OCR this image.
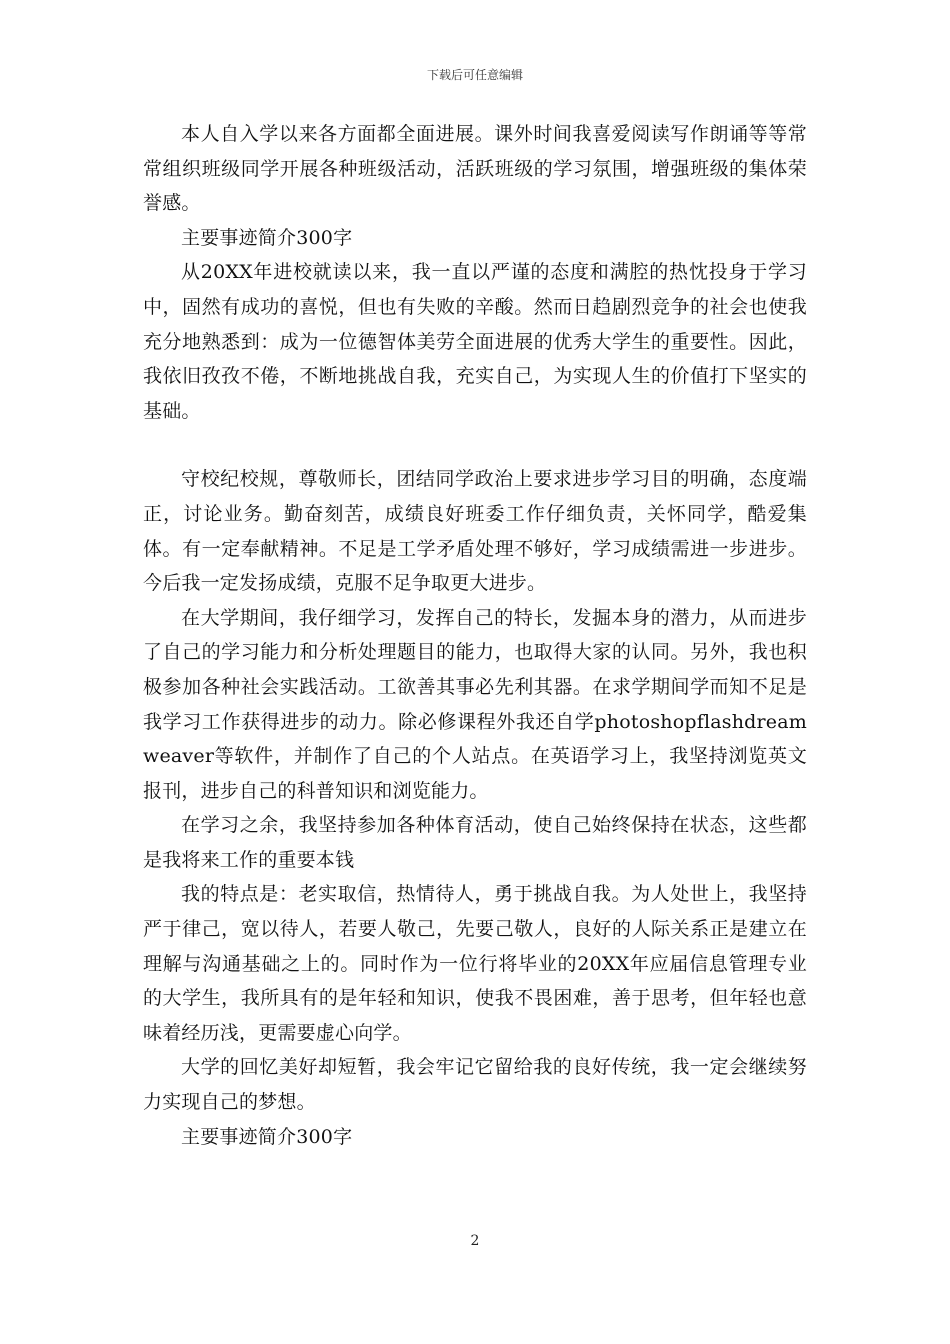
下载后可任意编辑

本人自入学以来各方面都全面进展。课外时间我喜爱阅读写作朗诵等等常常组织班级同学开展各种班级活动，活跃班级的学习氛围，增强班级的集体荣誉感。

主要事迹简介300字

从20XX年进校就读以来，我一直以严谨的态度和满腔的热忱投身于学习中，固然有成功的喜悦，但也有失败的辛酸。然而日趋剧烈竞争的社会也使我充分地熟悉到：成为一位德智体美劳全面进展的优秀大学生的重要性。因此，我依旧孜孜不倦，不断地挑战自我，充实自己，为实现人生的价值打下坚实的基础。

守校纪校规，尊敬师长，团结同学政治上要求进步学习目的明确，态度端正，讨论业务。勤奋刻苦，成绩良好班委工作仔细负责，关怀同学，酷爱集体。有一定奉献精神。不足是工学矛盾处理不够好，学习成绩需进一步进步。今后我一定发扬成绩，克服不足争取更大进步。

在大学期间，我仔细学习，发挥自己的特长，发掘本身的潜力，从而进步了自己的学习能力和分析处理题目的能力，也取得大家的认同。另外，我也积极参加各种社会实践活动。工欲善其事必先利其器。在求学期间学而知不足是我学习工作获得进步的动力。除必修课程外我还自学photoshopflashdreamweaver等软件，并制作了自己的个人站点。在英语学习上，我坚持浏览英文报刊，进步自己的科普知识和浏览能力。

在学习之余，我坚持参加各种体育活动，使自己始终保持在状态，这些都是我将来工作的重要本钱

我的特点是：老实取信，热情待人，勇于挑战自我。为人处世上，我坚持严于律己，宽以待人，若要人敬己，先要己敬人，良好的人际关系正是建立在理解与沟通基础之上的。同时作为一位行将毕业的20XX年应届信息管理专业的大学生，我所具有的是年轻和知识，使我不畏困难，善于思考，但年轻也意味着经历浅，更需要虚心向学。

大学的回忆美好却短暂，我会牢记它留给我的良好传统，我一定会继续努力实现自己的梦想。

主要事迹简介300字

2
